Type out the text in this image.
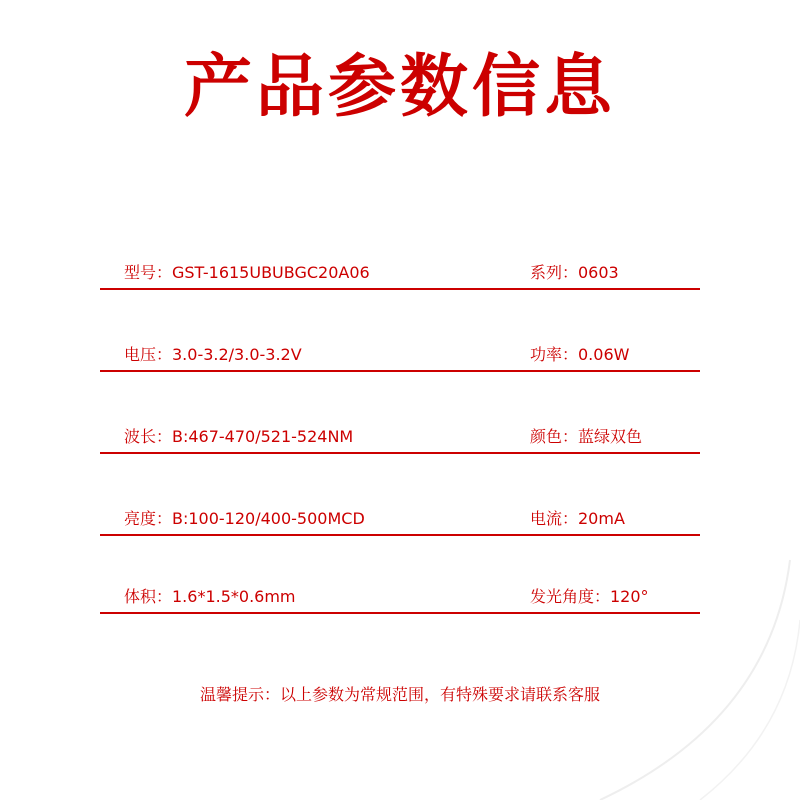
产品参数信息
型号：GST-1615UBUBGC20A06	系列：0603
电压：3.0-3.2/3.0-3.2V	功率：0.06W
波长：B:467-470/521-524NM	颜色：蓝绿双色
亮度：B:100-120/400-500MCD	电流：20mA
体积：1.6*1.5*0.6mm	发光角度：120°
温馨提示：以上参数为常规范围，有特殊要求请联系客服
